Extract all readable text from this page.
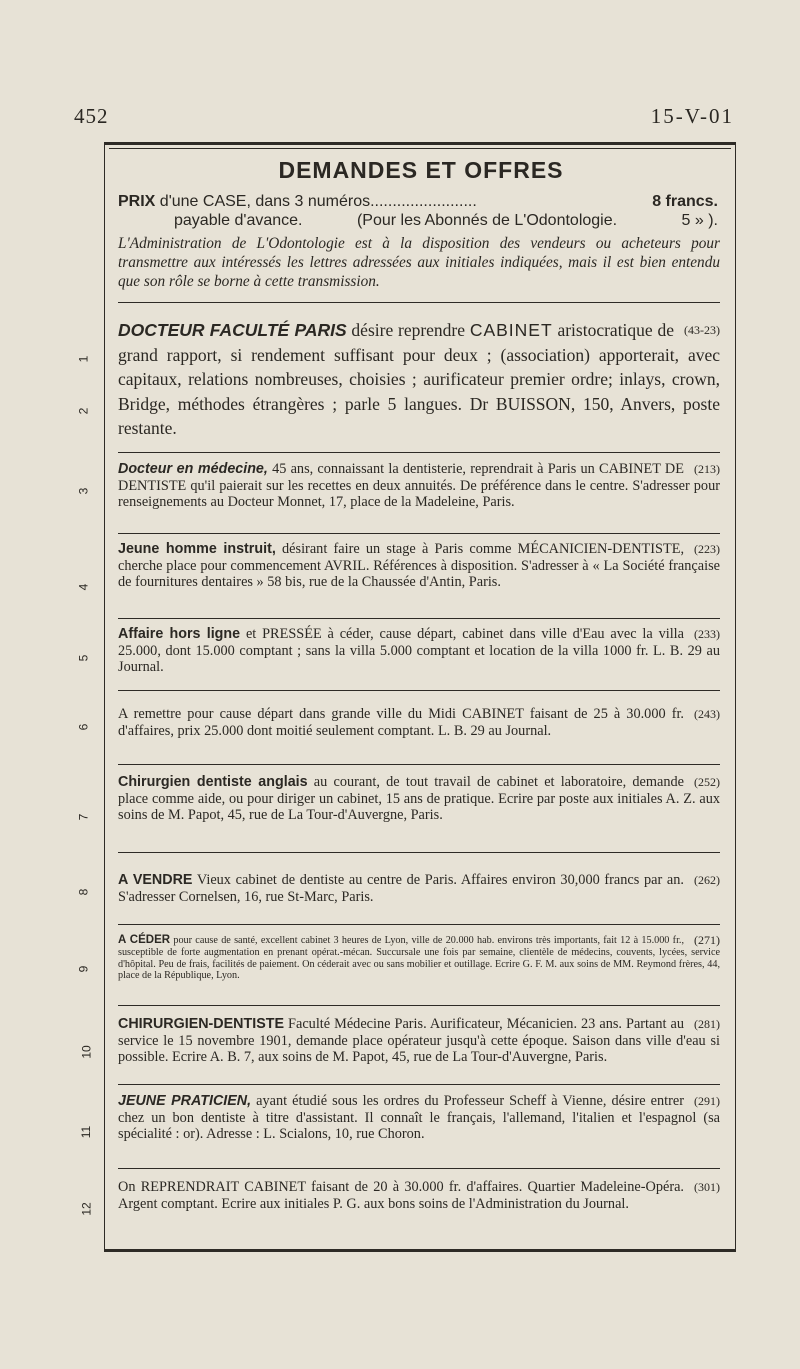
452	15-V-01
1
2
3
4
5
6
7
8
9
10
11
12
DEMANDES ET OFFRES
PRIX d'une CASE, dans 3 numéros........................	8 francs.
payable d'avance.	(Pour les Abonnés de L'Odontologie.	5 » ).
L'Administration de L'Odontologie est à la disposition des vendeurs ou acheteurs pour transmettre aux intéressés les lettres adressées aux initiales indiquées, mais il est bien entendu que son rôle se borne à cette transmission.

(43-23)
DOCTEUR FACULTÉ PARIS désire reprendre CABINET aristocratique de grand rapport, si rendement suffisant pour deux ; (association) apporterait, avec capitaux, relations nombreuses, choisies ; aurificateur premier ordre; inlays, crown, Bridge, méthodes étrangères ; parle 5 langues. Dr BUISSON, 150, Anvers, poste restante.

(213)
Docteur en médecine, 45 ans, connaissant la dentisterie, reprendrait à Paris un CABINET DE DENTISTE qu'il paierait sur les recettes en deux annuités. De préférence dans le centre. S'adresser pour renseignements au Docteur Monnet, 17, place de la Madeleine, Paris.

(223)
Jeune homme instruit, désirant faire un stage à Paris comme MÉCANICIEN-DENTISTE, cherche place pour commencement AVRIL. Références à disposition. S'adresser à « La Société française de fournitures dentaires » 58 bis, rue de la Chaussée d'Antin, Paris.

(233)
Affaire hors ligne et PRESSÉE à céder, cause départ, cabinet dans ville d'Eau avec la villa 25.000, dont 15.000 comptant ; sans la villa 5.000 comptant et location de la villa 1000 fr. L. B. 29 au Journal.

(243)
A remettre pour cause départ dans grande ville du Midi CABINET faisant de 25 à 30.000 fr. d'affaires, prix 25.000 dont moitié seulement comptant. L. B. 29 au Journal.

(252)
Chirurgien dentiste anglais au courant, de tout travail de cabinet et laboratoire, demande place comme aide, ou pour diriger un cabinet, 15 ans de pratique. Ecrire par poste aux initiales A. Z. aux soins de M. Papot, 45, rue de La Tour-d'Auvergne, Paris.

(262)
A VENDRE Vieux cabinet de dentiste au centre de Paris. Affaires environ 30,000 francs par an. S'adresser Cornelsen, 16, rue St-Marc, Paris.

(271)
A CÉDER pour cause de santé, excellent cabinet 3 heures de Lyon, ville de 20.000 hab. environs très importants, fait 12 à 15.000 fr., susceptible de forte augmentation en prenant opérat.-mécan. Succursale une fois par semaine, clientèle de médecins, couvents, lycées, service d'hôpital. Peu de frais, facilités de paiement. On céderait avec ou sans mobilier et outillage. Ecrire G. F. M. aux soins de MM. Reymond frères, 44, place de la République, Lyon.

(281)
CHIRURGIEN-DENTISTE Faculté Médecine Paris. Aurificateur, Mécanicien. 23 ans. Partant au service le 15 novembre 1901, demande place opérateur jusqu'à cette époque. Saison dans ville d'eau si possible. Ecrire A. B. 7, aux soins de M. Papot, 45, rue de La Tour-d'Auvergne, Paris.

(291)
JEUNE PRATICIEN, ayant étudié sous les ordres du Professeur Scheff à Vienne, désire entrer chez un bon dentiste à titre d'assistant. Il connaît le français, l'allemand, l'italien et l'espagnol (sa spécialité : or). Adresse : L. Scialons, 10, rue Choron.

(301)
On REPRENDRAIT CABINET faisant de 20 à 30.000 fr. d'affaires. Quartier Madeleine-Opéra. Argent comptant. Ecrire aux initiales P. G. aux bons soins de l'Administration du Journal.
